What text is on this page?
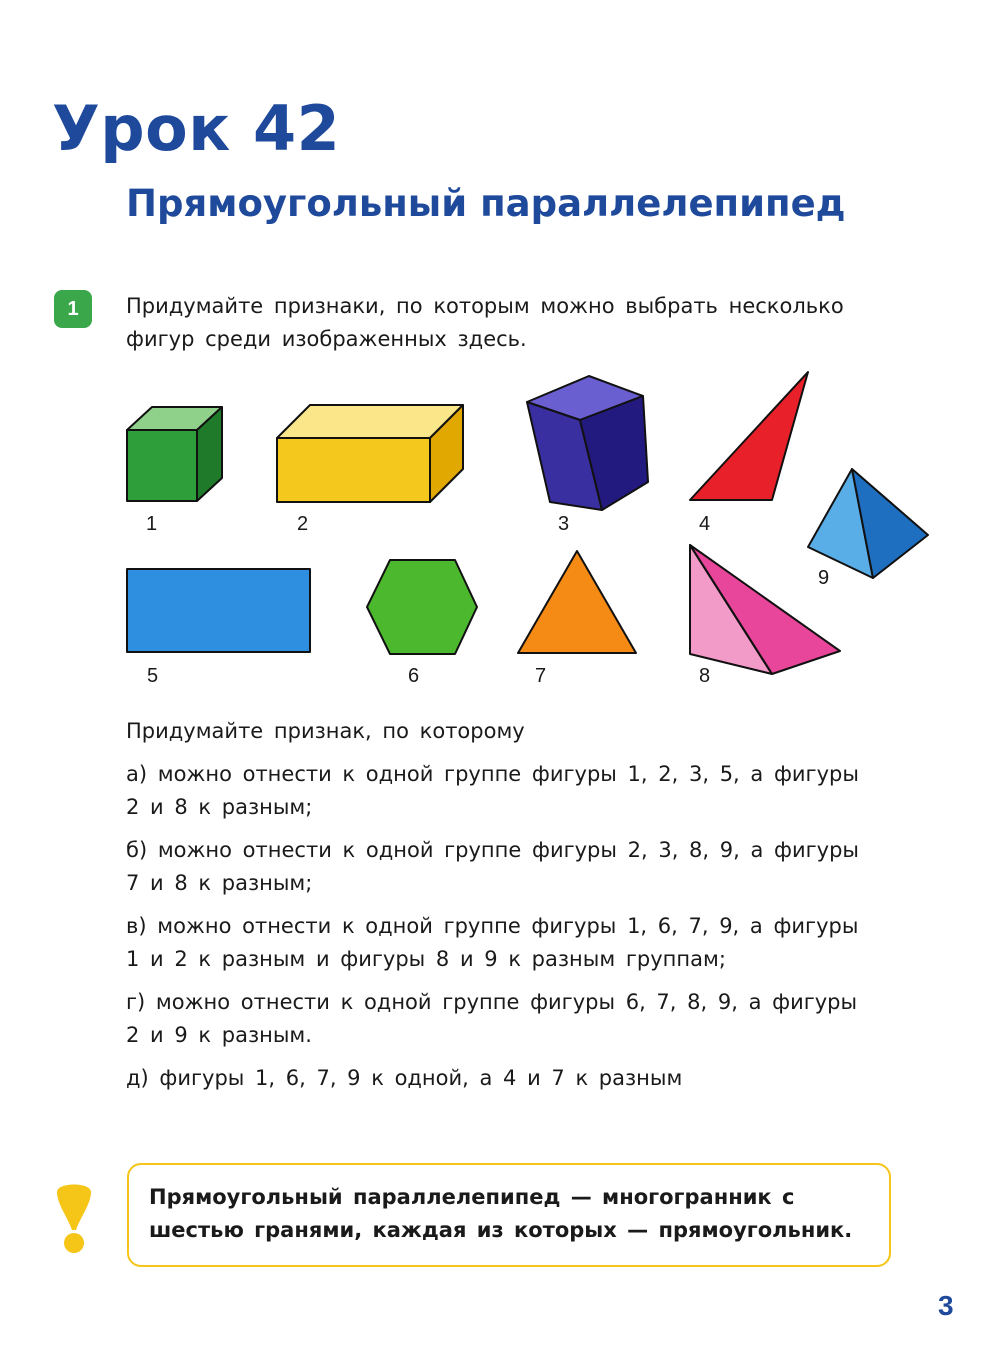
Урок 42
Прямоугольный параллелепипед
1	Придумайте признаки, по которым можно выбрать несколько фигур среди изображенных здесь.

1	2	3	4
5	6	7	8
9

Придумайте признак, по которому

а) можно отнести к одной группе фигуры 1, 2, 3, 5, а фигуры 2 и 8 к разным;
б) можно отнести к одной группе фигуры 2, 3, 8, 9, а фигуры 7 и 8 к разным;
в) можно отнести к одной группе фигуры 1, 6, 7, 9, а фигуры 1 и 2 к разным и фигуры 8 и 9 к разным группам;
г) можно отнести к одной группе фигуры 6, 7, 8, 9, а фигуры 2 и 9 к разным.
д) фигуры 1, 6, 7, 9 к одной, а 4 и 7 к разным

Прямоугольный параллелепипед — многогранник с шестью гранями, каждая из которых — прямоугольник.

3
